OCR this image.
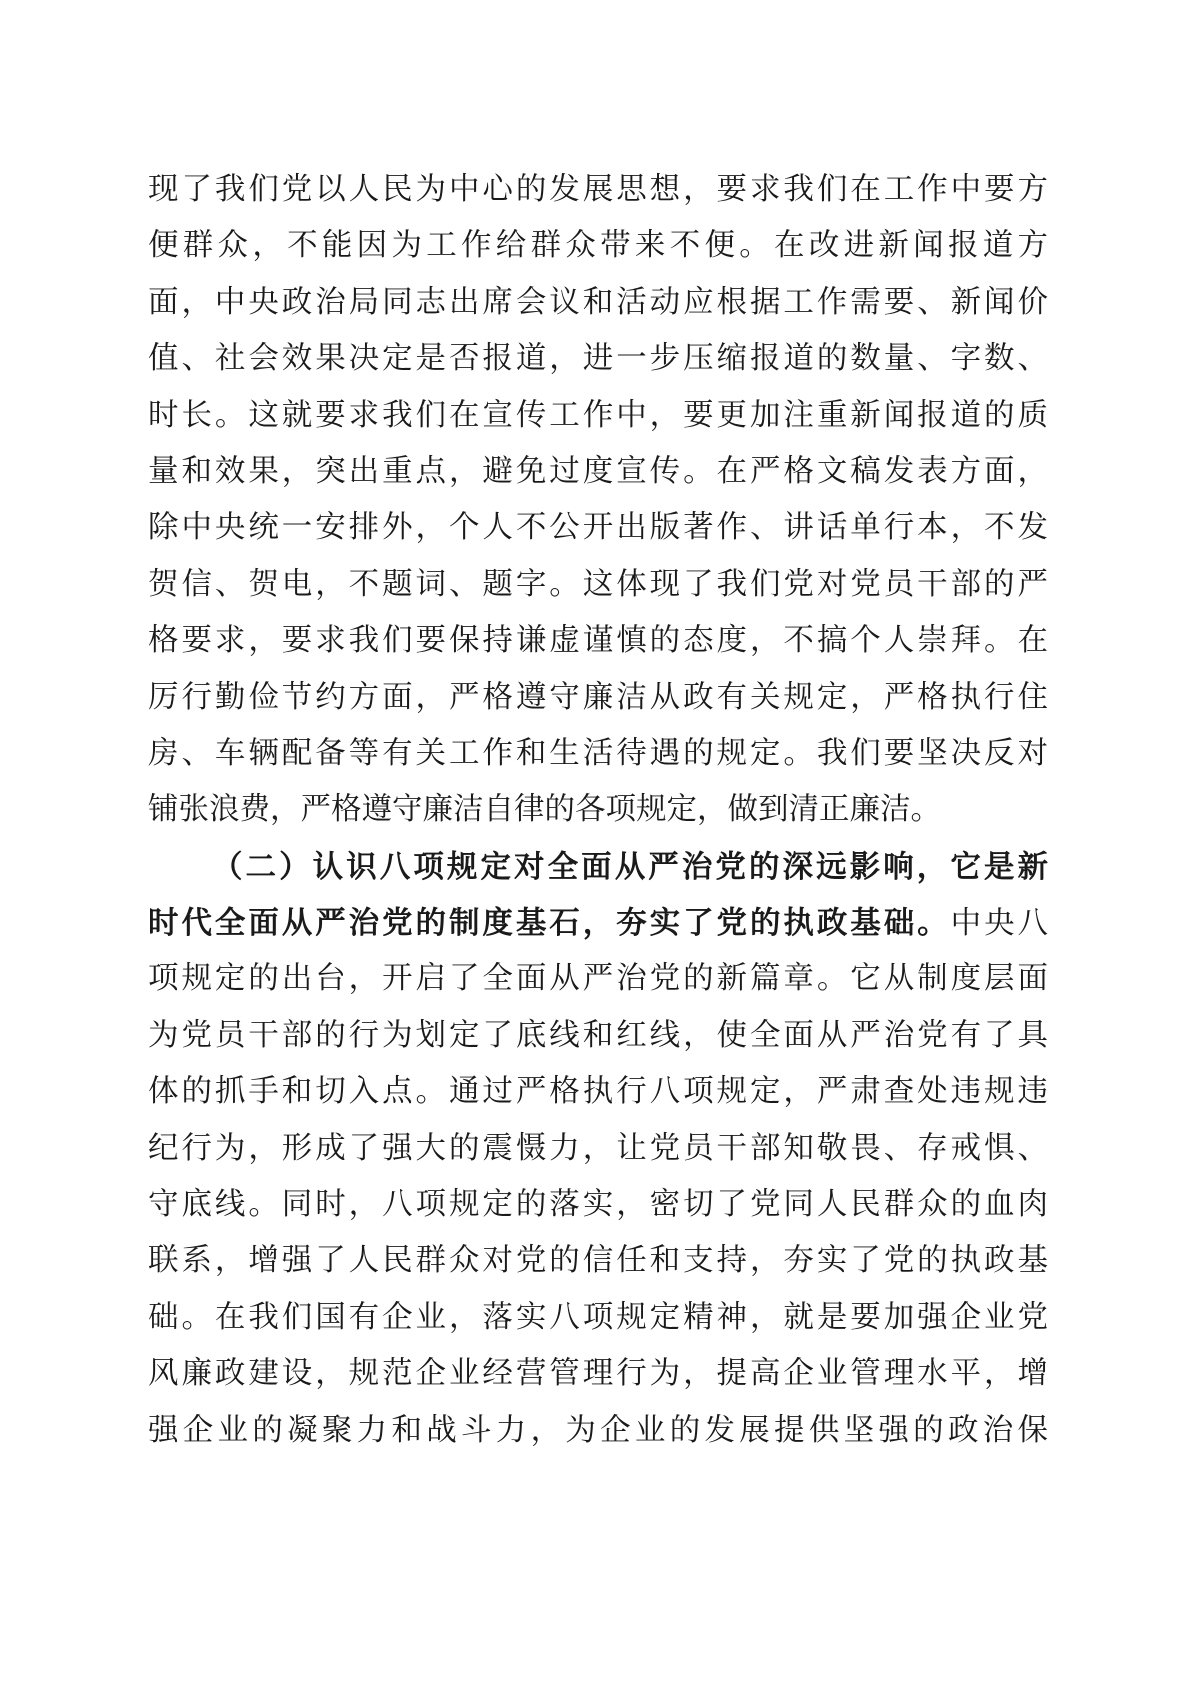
现了我们党以人民为中心的发展思想，要求我们在工作中要方
便群众，不能因为工作给群众带来不便。在改进新闻报道方
面，中央政治局同志出席会议和活动应根据工作需要、新闻价
值、社会效果决定是否报道，进一步压缩报道的数量、字数、
时长。这就要求我们在宣传工作中，要更加注重新闻报道的质
量和效果，突出重点，避免过度宣传。在严格文稿发表方面，
除中央统一安排外，个人不公开出版著作、讲话单行本，不发
贺信、贺电，不题词、题字。这体现了我们党对党员干部的严
格要求，要求我们要保持谦虚谨慎的态度，不搞个人崇拜。在
厉行勤俭节约方面，严格遵守廉洁从政有关规定，严格执行住
房、车辆配备等有关工作和生活待遇的规定。我们要坚决反对
铺张浪费，严格遵守廉洁自律的各项规定，做到清正廉洁。
（二）认识八项规定对全面从严治党的深远影响，它是新
时代全面从严治党的制度基石，夯实了党的执政基础。中央八
项规定的出台，开启了全面从严治党的新篇章。它从制度层面
为党员干部的行为划定了底线和红线，使全面从严治党有了具
体的抓手和切入点。通过严格执行八项规定，严肃查处违规违
纪行为，形成了强大的震慑力，让党员干部知敬畏、存戒惧、
守底线。同时，八项规定的落实，密切了党同人民群众的血肉
联系，增强了人民群众对党的信任和支持，夯实了党的执政基
础。在我们国有企业，落实八项规定精神，就是要加强企业党
风廉政建设，规范企业经营管理行为，提高企业管理水平，增
强企业的凝聚力和战斗力，为企业的发展提供坚强的政治保
